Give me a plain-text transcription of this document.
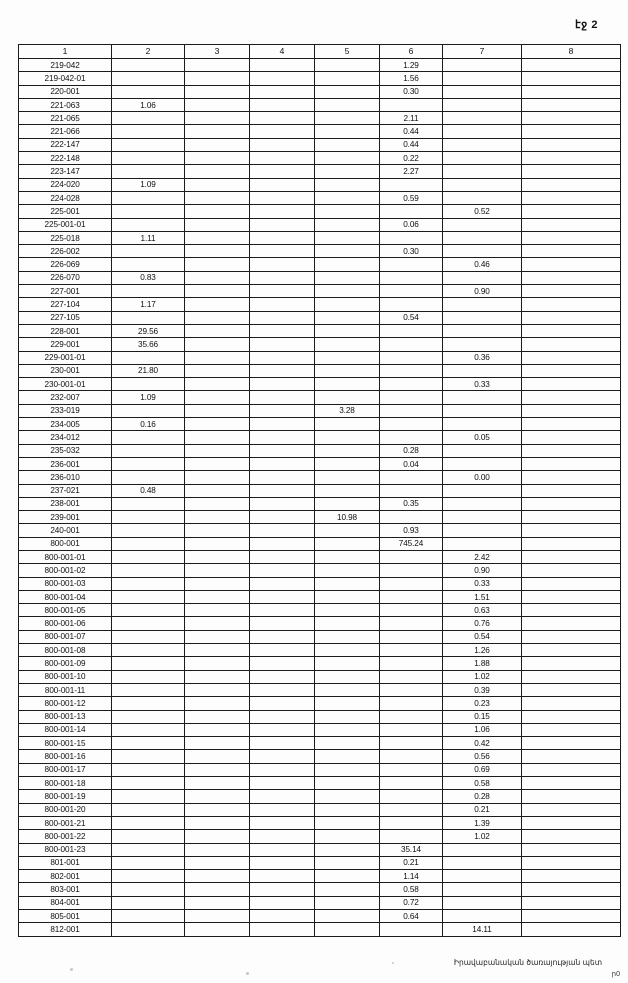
էջ 2
1	2	3	4	5	6	7	8
219-042					1.29		
219-042-01					1.56		
220-001					0.30		
221-063	1.06						
221-065					2.11		
221-066					0.44		
222-147					0.44		
222-148					0.22		
223-147					2.27		
224-020	1.09						
224-028					0.59		
225-001						0.52	
225-001-01					0.06		
225-018	1.11						
226-002					0.30		
226-069						0.46	
226-070	0.83						
227-001						0.90	
227-104	1.17						
227-105					0.54		
228-001	29.56						
229-001	35.66						
229-001-01						0.36	
230-001	21.80						
230-001-01						0.33	
232-007	1.09						
233-019				3.28			
234-005	0.16						
234-012						0.05	
235-032					0.28		
236-001					0.04		
236-010						0.00	
237-021	0.48						
238-001					0.35		
239-001				10.98			
240-001					0.93		
800-001					745.24		
800-001-01						2.42	
800-001-02						0.90	
800-001-03						0.33	
800-001-04						1.51	
800-001-05						0.63	
800-001-06						0.76	
800-001-07						0.54	
800-001-08						1.26	
800-001-09						1.88	
800-001-10						1.02	
800-001-11						0.39	
800-001-12						0.23	
800-001-13						0.15	
800-001-14						1.06	
800-001-15						0.42	
800-001-16						0.56	
800-001-17						0.69	
800-001-18						0.58	
800-001-19						0.28	
800-001-20						0.21	
800-001-21						1.39	
800-001-22						1.02	
800-001-23					35.14		
801-001					0.21		
802-001					1.14		
803-001					0.58		
804-001					0.72		
805-001					0.64		
812-001						14.11	
Իրավաբանական ծառայության պետ
ր0
